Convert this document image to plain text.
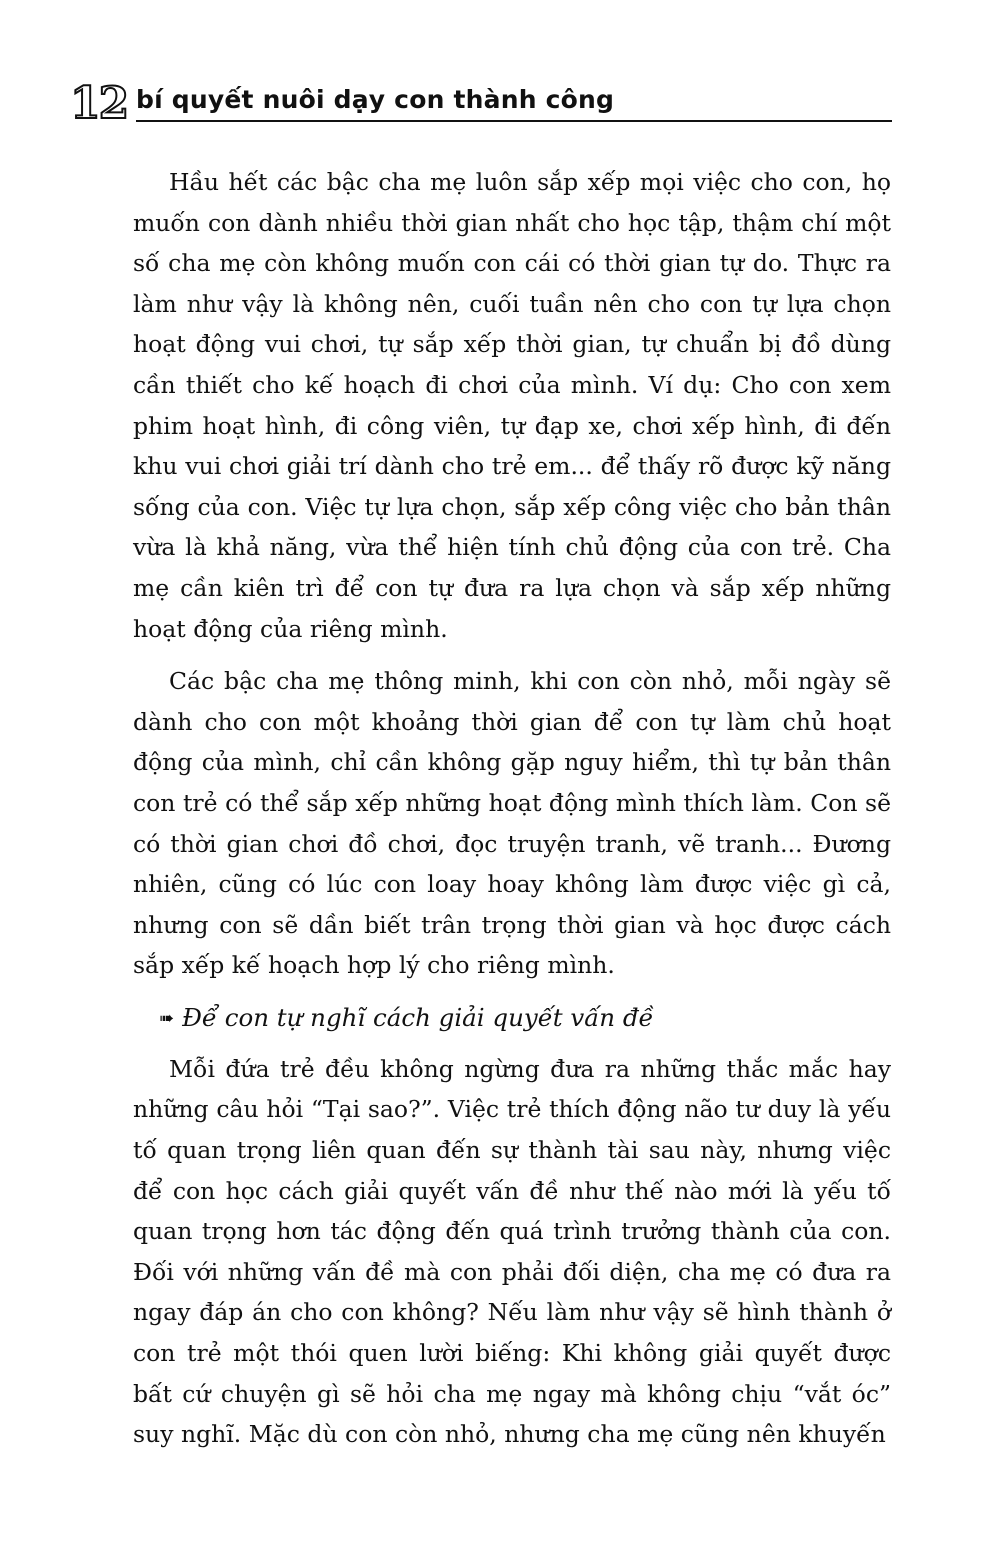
12 bí quyết nuôi dạy con thành công

Hầu hết các bậc cha mẹ luôn sắp xếp mọi việc cho con, họ muốn con dành nhiều thời gian nhất cho học tập, thậm chí một số cha mẹ còn không muốn con cái có thời gian tự do. Thực ra làm như vậy là không nên, cuối tuần nên cho con tự lựa chọn hoạt động vui chơi, tự sắp xếp thời gian, tự chuẩn bị đồ dùng cần thiết cho kế hoạch đi chơi của mình. Ví dụ: Cho con xem phim hoạt hình, đi công viên, tự đạp xe, chơi xếp hình, đi đến khu vui chơi giải trí dành cho trẻ em... để thấy rõ được kỹ năng sống của con. Việc tự lựa chọn, sắp xếp công việc cho bản thân vừa là khả năng, vừa thể hiện tính chủ động của con trẻ. Cha mẹ cần kiên trì để con tự đưa ra lựa chọn và sắp xếp những hoạt động của riêng mình.

Các bậc cha mẹ thông minh, khi con còn nhỏ, mỗi ngày sẽ dành cho con một khoảng thời gian để con tự làm chủ hoạt động của mình, chỉ cần không gặp nguy hiểm, thì tự bản thân con trẻ có thể sắp xếp những hoạt động mình thích làm. Con sẽ có thời gian chơi đồ chơi, đọc truyện tranh, vẽ tranh... Đương nhiên, cũng có lúc con loay hoay không làm được việc gì cả, nhưng con sẽ dần biết trân trọng thời gian và học được cách sắp xếp kế hoạch hợp lý cho riêng mình.

➠ Để con tự nghĩ cách giải quyết vấn đề

Mỗi đứa trẻ đều không ngừng đưa ra những thắc mắc hay những câu hỏi “Tại sao?”. Việc trẻ thích động não tư duy là yếu tố quan trọng liên quan đến sự thành tài sau này, nhưng việc để con học cách giải quyết vấn đề như thế nào mới là yếu tố quan trọng hơn tác động đến quá trình trưởng thành của con. Đối với những vấn đề mà con phải đối diện, cha mẹ có đưa ra ngay đáp án cho con không? Nếu làm như vậy sẽ hình thành ở con trẻ một thói quen lười biếng: Khi không giải quyết được bất cứ chuyện gì sẽ hỏi cha mẹ ngay mà không chịu “vắt óc” suy nghĩ. Mặc dù con còn nhỏ, nhưng cha mẹ cũng nên khuyến
